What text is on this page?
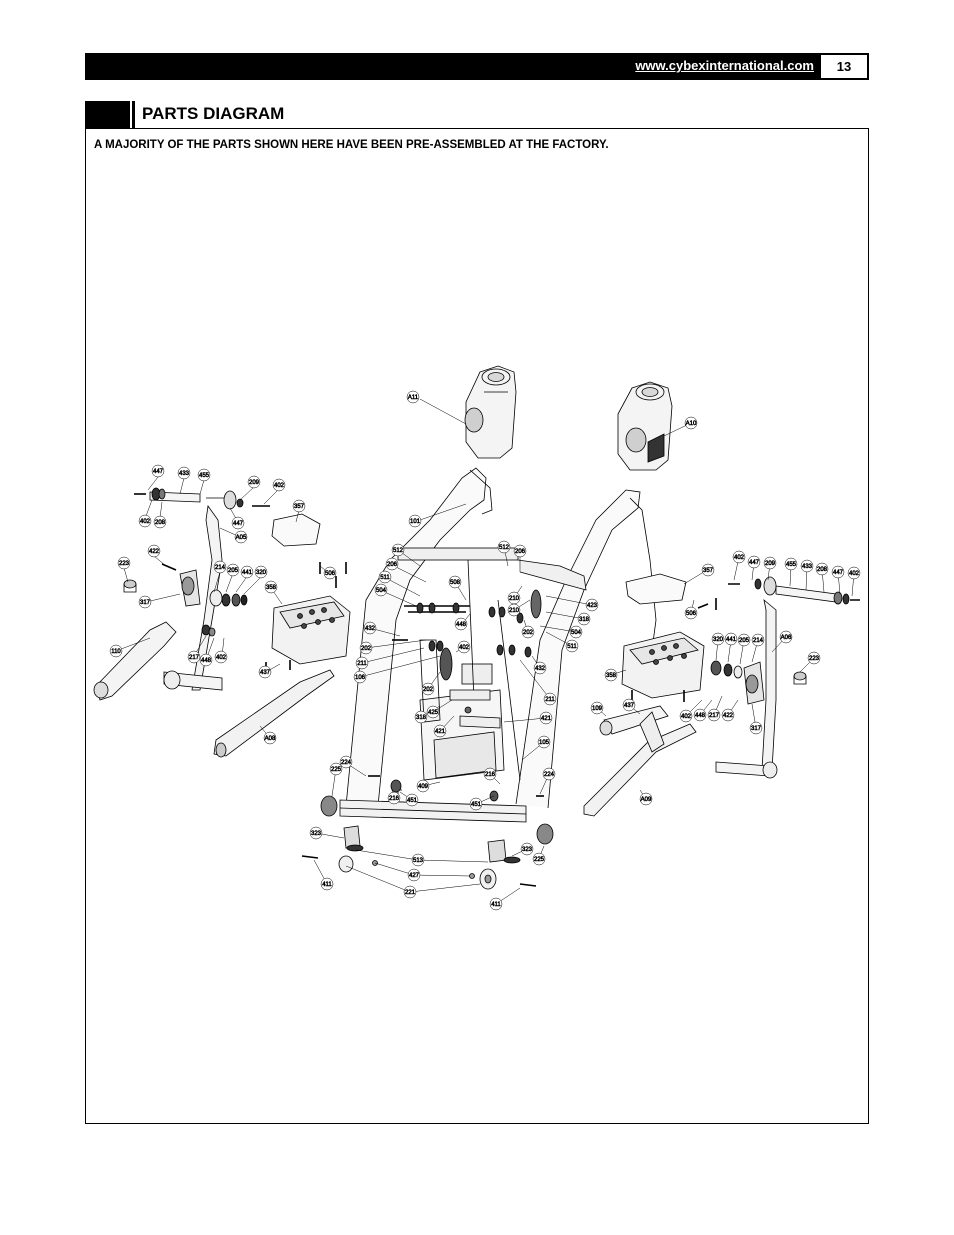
www.cybexinternational.com	13
PARTS DIAGRAM
A MAJORITY OF THE PARTS SHOWN HERE HAVE BEEN PRE-ASSEMBLED AT THE FACTORY.
A11
A10
447	433 455
209 402
402 208	447
A05
357
101
223
422
214 205 441 320
317
358
506
110
217 448 402
437
A08
512
206
511
504
508
512
206
210
210
423
318
504
448
432
202
211
106
402
202
511
432
202
211
318
425
421
421
105
225
224
216
409
451
451
216	224
323
323
225
513
427
411
221
411
357
402
447 209 455 433 208 447 402
506
A06
320 441 205 214
223
358
109	437
402 448 217 422
317
A09
